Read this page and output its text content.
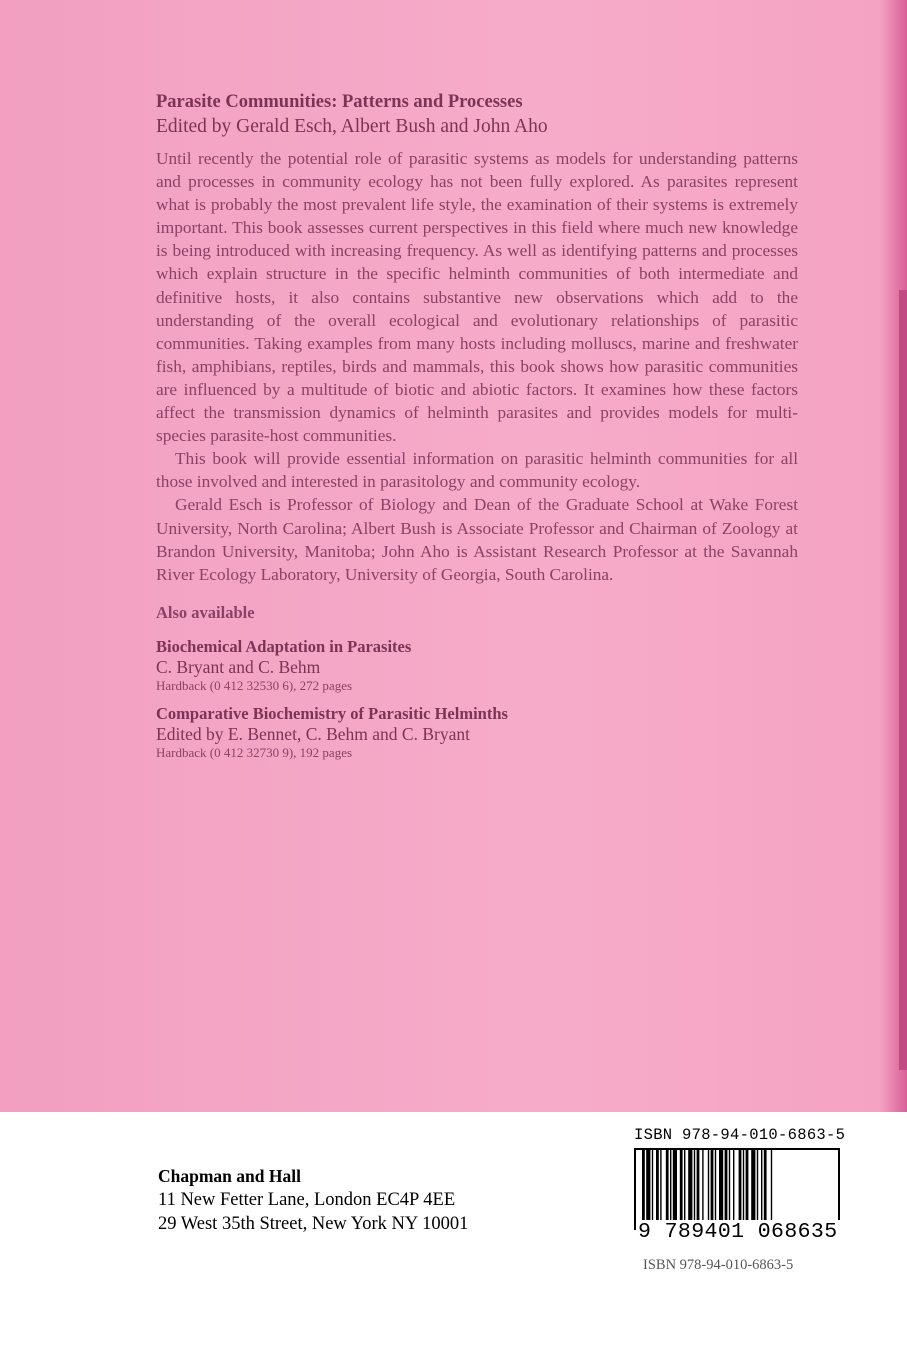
Parasite Communities: Patterns and Processes

Edited by Gerald Esch, Albert Bush and John Aho

Until recently the potential role of parasitic systems as models for understanding patterns and processes in community ecology has not been fully explored. As parasites represent what is probably the most prevalent life style, the examination of their systems is extremely important. This book assesses current perspectives in this field where much new knowledge is being introduced with increasing frequency. As well as identifying patterns and processes which explain structure in the specific helminth communities of both intermediate and definitive hosts, it also contains substantive new observations which add to the understanding of the overall ecological and evolutionary relationships of parasitic communities. Taking examples from many hosts including molluscs, marine and freshwater fish, amphibians, reptiles, birds and mammals, this book shows how parasitic communities are influenced by a multitude of biotic and abiotic factors. It examines how these factors affect the transmission dynamics of helminth parasites and provides models for multi-species parasite-host communities.

This book will provide essential information on parasitic helminth communities for all those involved and interested in parasitology and community ecology.

Gerald Esch is Professor of Biology and Dean of the Graduate School at Wake Forest University, North Carolina; Albert Bush is Associate Professor and Chairman of Zoology at Brandon University, Manitoba; John Aho is Assistant Research Professor at the Savannah River Ecology Laboratory, University of Georgia, South Carolina.

Also available

Biochemical Adaptation in Parasites

C. Bryant and C. Behm

Hardback (0 412 32530 6), 272 pages

Comparative Biochemistry of Parasitic Helminths

Edited by E. Bennet, C. Behm and C. Bryant

Hardback (0 412 32730 9), 192 pages

Chapman and Hall

11 New Fetter Lane, London EC4P 4EE

29 West 35th Street, New York NY 10001

ISBN 978-94-010-6863-5
9 789401 068635
ISBN 978-94-010-6863-5
